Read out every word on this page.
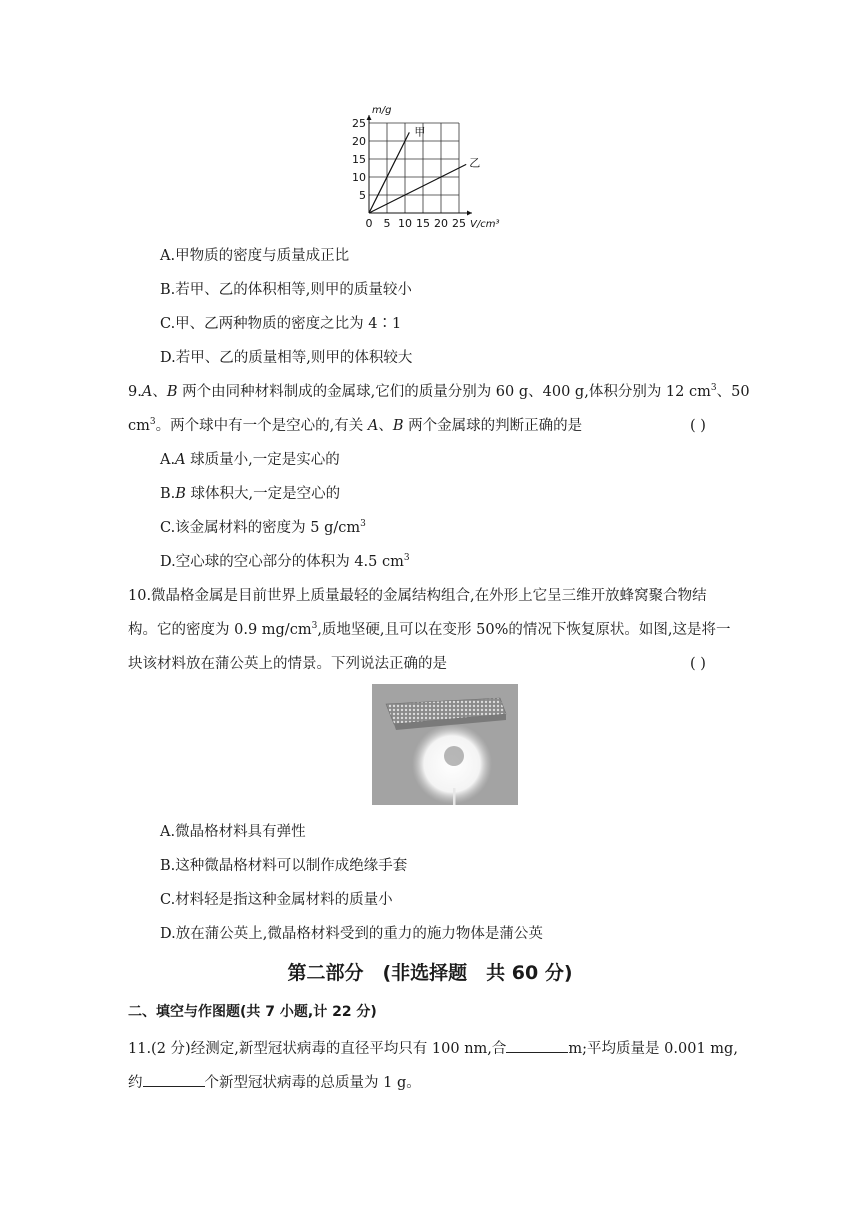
0 5 10 15 20 25
5
10
15
20
25
V/cm³
m/g
甲
乙
A.甲物质的密度与质量成正比
B.若甲、乙的体积相等,则甲的质量较小
C.甲、乙两种物质的密度之比为 4∶1
D.若甲、乙的质量相等,则甲的体积较大
9.A、B 两个由同种材料制成的金属球,它们的质量分别为 60 g、400 g,体积分别为 12 $cm^3$、50
$cm^3$。两个球中有一个是空心的,有关 A、B 两个金属球的判断正确的是	( )
A.A 球质量小,一定是实心的
B.B 球体积大,一定是空心的
C.该金属材料的密度为 5 $g/cm^3$
D.空心球的空心部分的体积为 4.5 $cm^3$
10.微晶格金属是目前世界上质量最轻的金属结构组合,在外形上它呈三维开放蜂窝聚合物结
构。它的密度为 0.9 $mg/cm^3$,质地坚硬,且可以在变形 50%的情况下恢复原状。如图,这是将一
块该材料放在蒲公英上的情景。下列说法正确的是	( )
A.微晶格材料具有弹性
B.这种微晶格材料可以制作成绝缘手套
C.材料轻是指这种金属材料的质量小
D.放在蒲公英上,微晶格材料受到的重力的施力物体是蒲公英
第二部分　(非选择题　共 60 分)
二、填空与作图题(共 7 小题,计 22 分)
11.(2 分)经测定,新型冠状病毒的直径平均只有 100 nm,合	m;平均质量是 0.001 mg,
约	个新型冠状病毒的总质量为 1 g。
